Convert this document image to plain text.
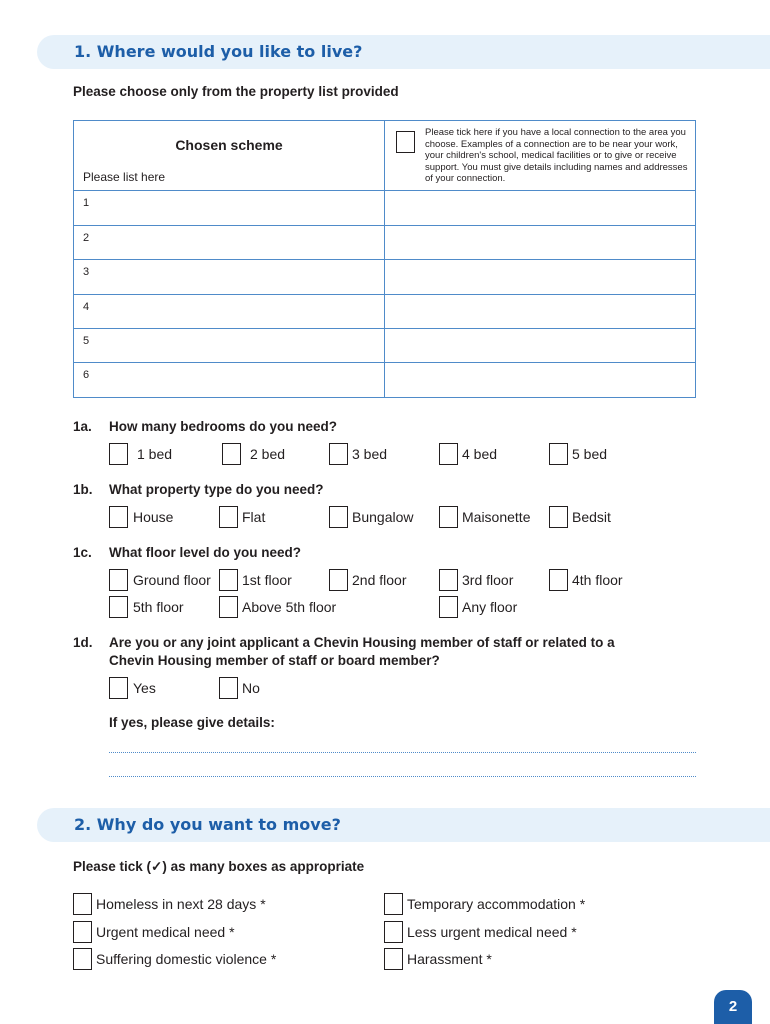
1. Where would you like to live?
Please choose only from the property list provided
Chosen scheme
Please list here	Please tick here if you have a local connection to the area you choose. Examples of a connection are to be near your work, your children's school, medical facilities or to give or receive support. You must give details including names and addresses of your connection.

1	
2	
3	
4	
5	
6	
1a. How many bedrooms do you need?
1 bed	2 bed	3 bed	4 bed	5 bed
1b. What property type do you need?
House	Flat	Bungalow	Maisonette	Bedsit
1c. What floor level do you need?
Ground floor 1st floor	2nd floor	3rd floor	4th floor
5th floor	Above 5th floor	Any floor
1d. Are you or any joint applicant a Chevin Housing member of staff or related to a
Chevin Housing member of staff or board member?
Yes	No
If yes, please give details:
2. Why do you want to move?
Please tick (✓) as many boxes as appropriate
Homeless in next 28 days *	Temporary accommodation *
Urgent medical need *	Less urgent medical need *
Suffering domestic violence *	Harassment *
2
